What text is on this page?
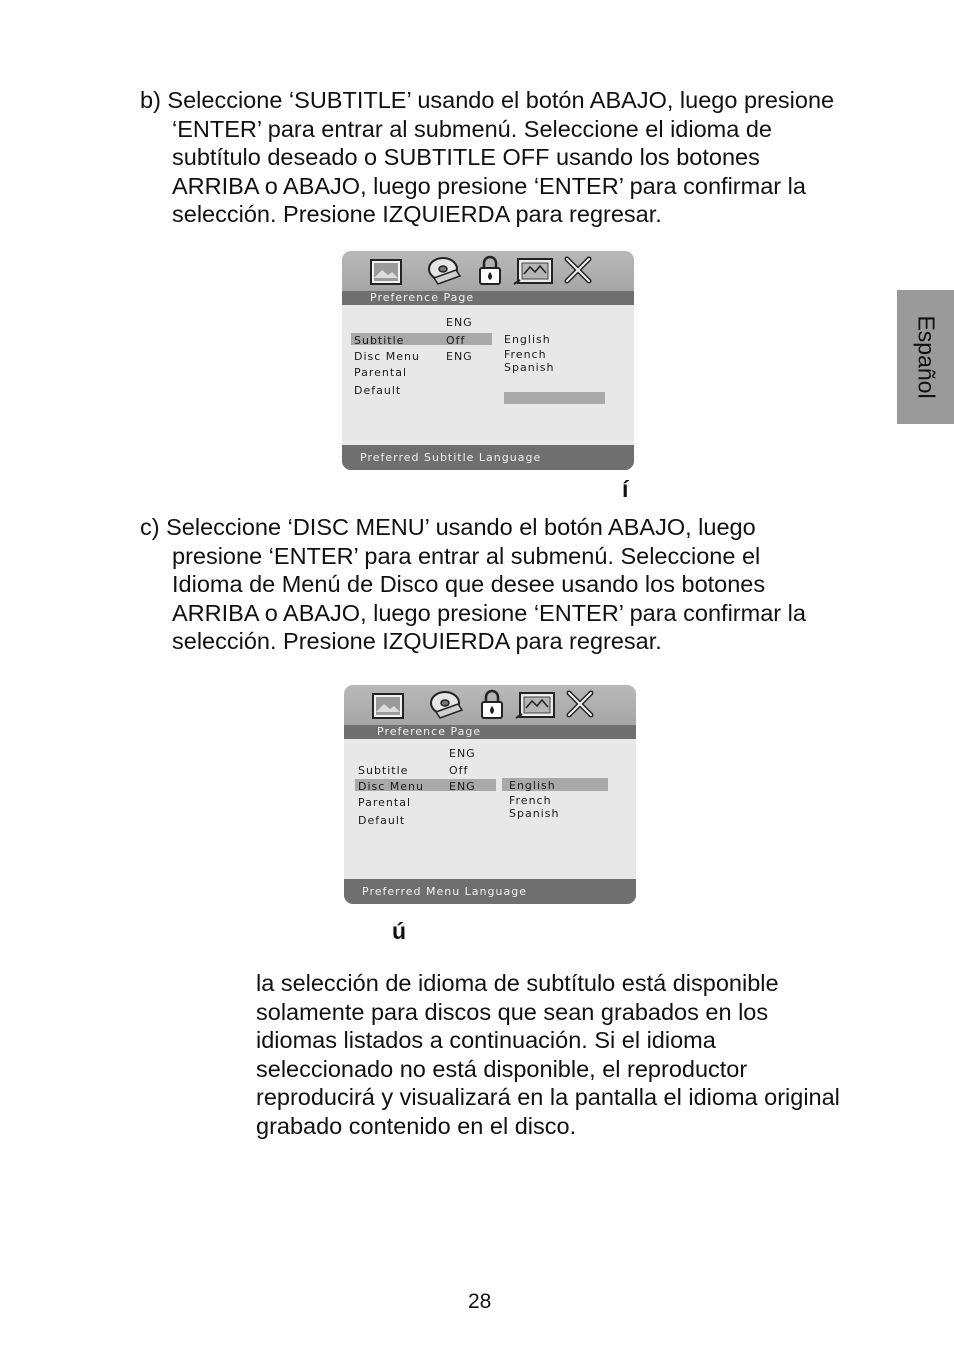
Español
b) Seleccione ‘SUBTITLE’ usando el botón ABAJO, luego presione
‘ENTER’ para entrar al submenú. Seleccione el idioma de
subtítulo deseado o SUBTITLE OFF usando los botones
ARRIBA o ABAJO, luego presione ‘ENTER’ para confirmar la
selección. Presione IZQUIERDA para regresar.
Preference Page
ENG
Subtitle	Off
Disc Menu ENG
Parental
Default
English
French
Spanish
Preferred Subtitle Language
í
c) Seleccione ‘DISC MENU’ usando el botón ABAJO, luego
presione ‘ENTER’ para entrar al submenú. Seleccione el
Idioma de Menú de Disco que desee usando los botones
ARRIBA o ABAJO, luego presione ‘ENTER’ para confirmar la
selección. Presione IZQUIERDA para regresar.
Preference Page
ENG
Subtitle	Off
Disc Menu ENG
Parental
Default
English
French
Spanish
Preferred Menu Language
ú
la selección de idioma de subtítulo está disponible
solamente para discos que sean grabados en los
idiomas listados a continuación. Si el idioma
seleccionado no está disponible, el reproductor
reproducirá y visualizará en la pantalla el idioma original
grabado contenido en el disco.
28
